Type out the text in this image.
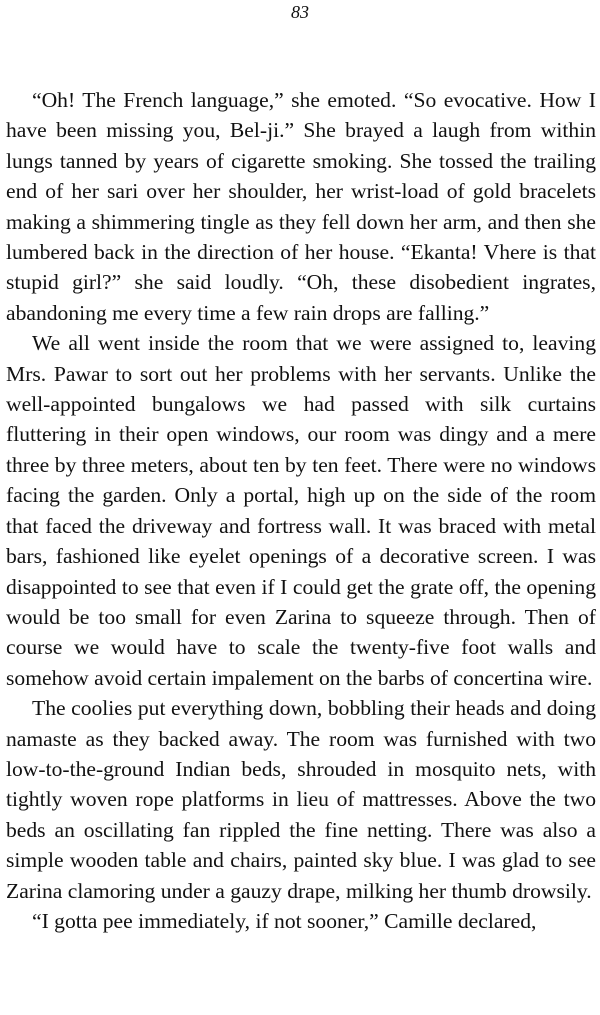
83

“Oh! The French language,” she emoted. “So evocative. How I have been missing you, Bel-ji.” She brayed a laugh from within lungs tanned by years of cigarette smoking. She tossed the trailing end of her sari over her shoulder, her wrist-load of gold bracelets making a shimmering tingle as they fell down her arm, and then she lumbered back in the direction of her house. “Ekanta! Vhere is that stupid girl?” she said loudly. “Oh, these disobedient ingrates, abandoning me every time a few rain drops are falling.”

We all went inside the room that we were assigned to, leaving Mrs. Pawar to sort out her problems with her servants. Unlike the well-appointed bungalows we had passed with silk curtains fluttering in their open windows, our room was dingy and a mere three by three meters, about ten by ten feet. There were no windows facing the garden. Only a portal, high up on the side of the room that faced the driveway and fortress wall. It was braced with metal bars, fashioned like eyelet openings of a decorative screen. I was disappointed to see that even if I could get the grate off, the opening would be too small for even Zarina to squeeze through. Then of course we would have to scale the twenty-five foot walls and somehow avoid certain impalement on the barbs of concertina wire.

The coolies put everything down, bobbling their heads and doing namaste as they backed away. The room was furnished with two low-to-the-ground Indian beds, shrouded in mosquito nets, with tightly woven rope platforms in lieu of mattresses. Above the two beds an oscillating fan rippled the fine netting. There was also a simple wooden table and chairs, painted sky blue. I was glad to see Zarina clamoring under a gauzy drape, milking her thumb drowsily.

“I gotta pee immediately, if not sooner,” Camille declared,
